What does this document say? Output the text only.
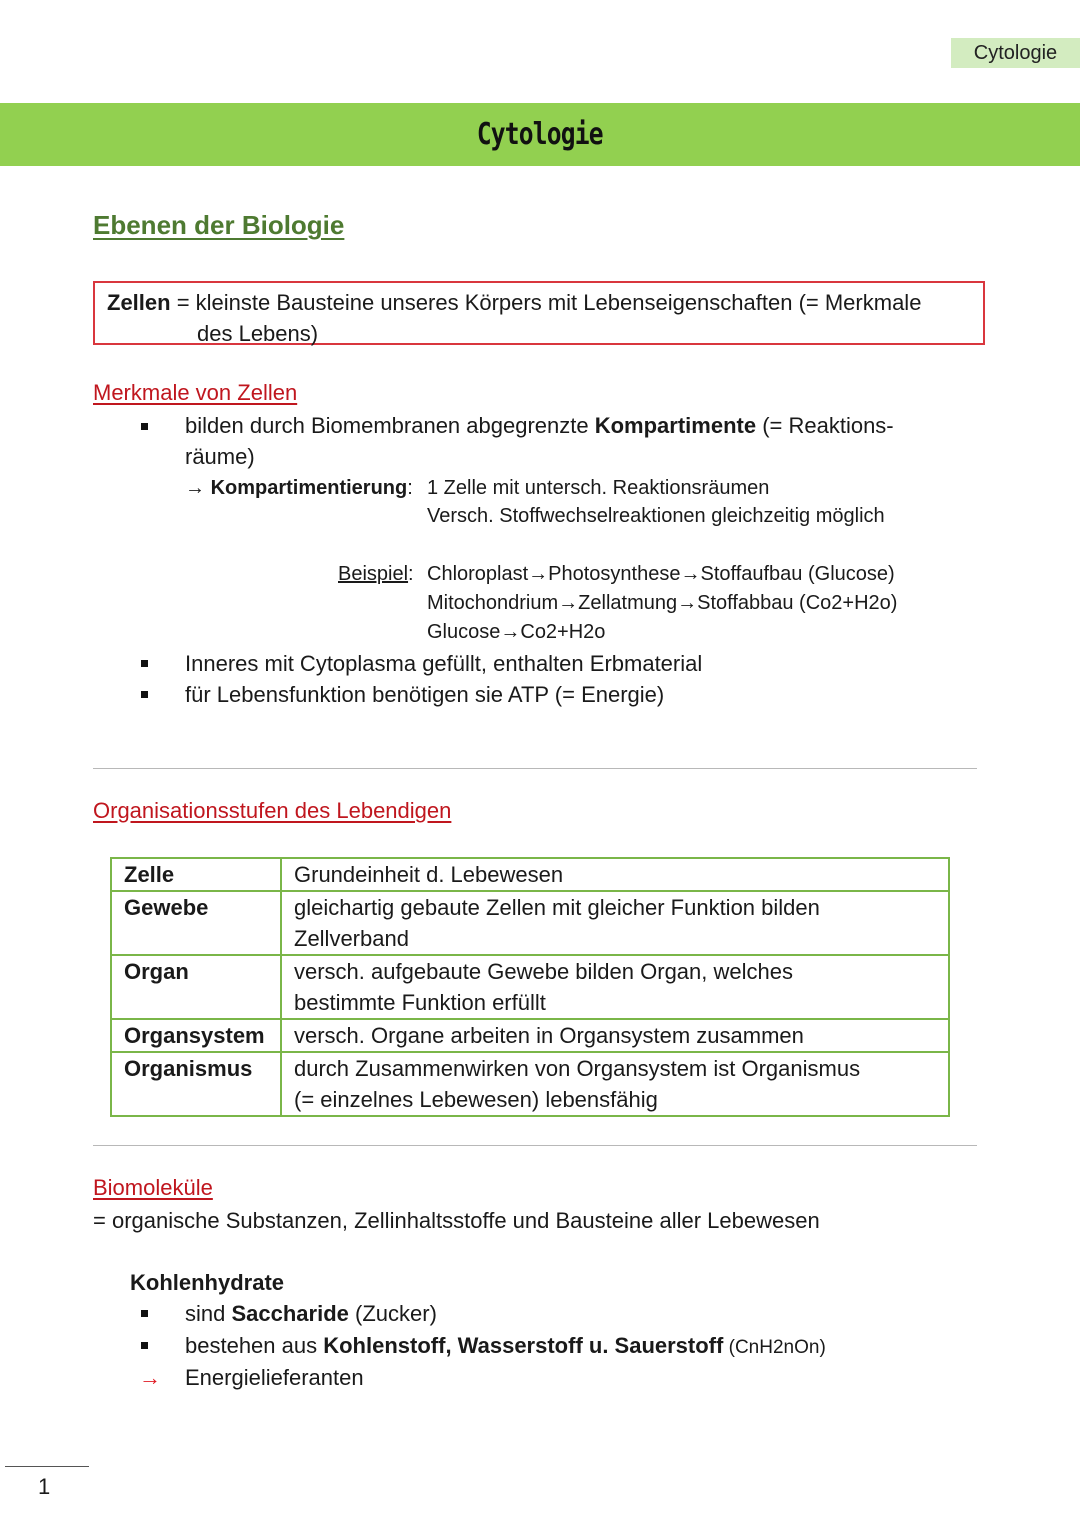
Cytologie
Cytologie
Ebenen der Biologie
Zellen = kleinste Bausteine unseres Körpers mit Lebenseigenschaften (= Merkmale
des Lebens)
Merkmale von Zellen
bilden durch Biomembranen abgegrenzte Kompartimente (= Reaktions-
räume)
→ Kompartimentierung: 1 Zelle mit untersch. Reaktionsräumen
Versch. Stoffwechselreaktionen gleichzeitig möglich
Beispiel: Chloroplast→Photosynthese→Stoffaufbau (Glucose)
Mitochondrium→Zellatmung→Stoffabbau (Co2+H2o)
Glucose→Co2+H2o
Inneres mit Cytoplasma gefüllt, enthalten Erbmaterial
für Lebensfunktion benötigen sie ATP (= Energie)
Organisationsstufen des Lebendigen
Zelle	Grundeinheit d. Lebewesen

Gewebe	gleichartig gebaute Zellen mit gleicher Funktion bilden
Zellverband

Organ	versch. aufgebaute Gewebe bilden Organ, welches
bestimmte Funktion erfüllt

Organsystem	versch. Organe arbeiten in Organsystem zusammen

Organismus	durch Zusammenwirken von Organsystem ist Organismus
(= einzelnes Lebewesen) lebensfähig
Biomoleküle
= organische Substanzen, Zellinhaltsstoffe und Bausteine aller Lebewesen
Kohlenhydrate
sind Saccharide (Zucker)
bestehen aus Kohlenstoff, Wasserstoff u. Sauerstoff (CnH2nOn)
→ Energielieferanten
1
